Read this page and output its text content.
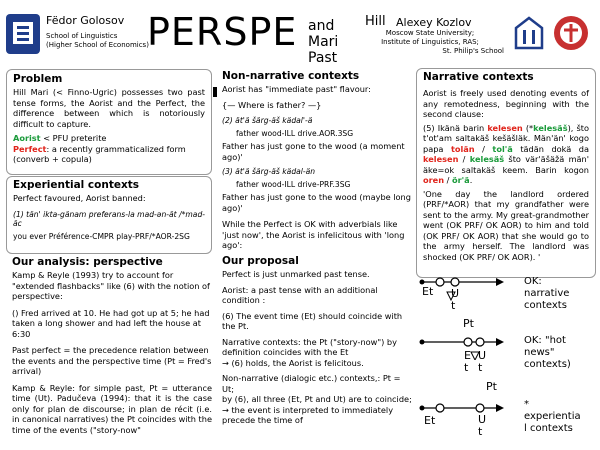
Fëdor Golosov
School of Linguistics
(Higher School of Economics)
PERSPE and
Mari
Past
Hill Alexey Kozlov
Moscow State University;
Institute of Linguistics, RAS;
St. Philip's School
Problem

Hill Mari (< Finno-Ugric) possesses two past tense forms, the Aorist and the Perfect, the difference between which is notoriously difficult to capture.

Aorist < PFU preterite

Perfect: a recently grammaticalized form

(converb + copula)

Experiential contexts

Perfect favoured, Aorist banned:

(1) tän' ikta-gänam preferans-la mad-ən-ät /*mad-äc

you ever Préférence-CMPR play-PRF/*AOR-2SG

Our analysis: perspective

Kamp & Reyle (1993) try to account for "extended flashbacks" like (6) with the notion of perspective:

() Fred arrived at 10. He had got up at 5; he had taken a long shower and had left the house at 6:30

Past perfect = the precedence relation between the events and the perspective time (Pt = Fred's arrival)

Kamp & Reyle: for simple past, Pt = utterance time (Ut). Padučeva (1994): that it is the case only for plan de discourse; in plan de récit (i.e. in canonical narratives) the Pt coincides with the time of the events ("story-now"

Non-narrative contexts

Aorist has "immediate past" flavour:

{— Where is father? —}

(2) ät'ä šärg-äš kädal'-ä

father wood-ILL drive.AOR.3SG

Father has just gone to the wood (a moment ago)'

(3) ät'ä šärg-äš kädal-än

father wood-ILL drive-PRF.3SG

Father has just gone to the wood (maybe long ago)'

While the Perfect is OK with adverbials like 'just now', the Aorist is infelicitous with 'long ago':

Our proposal

Perfect is just unmarked past tense.

Aorist: a past tense with an additional condition :

(6) The event time (Et) should coincide with the Pt.

Narrative contexts: the Pt ("story-now") by definition coincides with the Et

→ (6) holds, the Aorist is felicitous.

Non-narrative (dialogic etc.) contexts,: Pt = Ut;

by (6), all three (Et, Pt and Ut) are to coincide;

→ the event is interpreted to immediately precede the time of

Narrative contexts

Aorist is freely used denoting events of any remotedness, beginning with the second clause:

(5) Ikänä barin kelesen (*kelesäš), što t'ot'am saltakäš kešäšläk. Män'än' kogo papa tolän / tol'ä tädän dokä da kelesen / kelesäš što vär'äšäžä män' äke=ok saltakäš keem. Barin kogon oren / ör'ä.

'One day the landlord ordered (PRF/*AOR) that my grandfather were sent to the army. My great-grandmother went (OK PRF/ OK AOR) to him and told (OK PRF/ OK AOR) that she would go to the army herself. The landlord was shocked (OK PRF/ OK AOR). '

Et Ut
Pt
OK:
narrative
contexts
Et
Ut
Pt
OK: "hot
news"
contexts)
Et	Ut
*
experientia
l contexts
